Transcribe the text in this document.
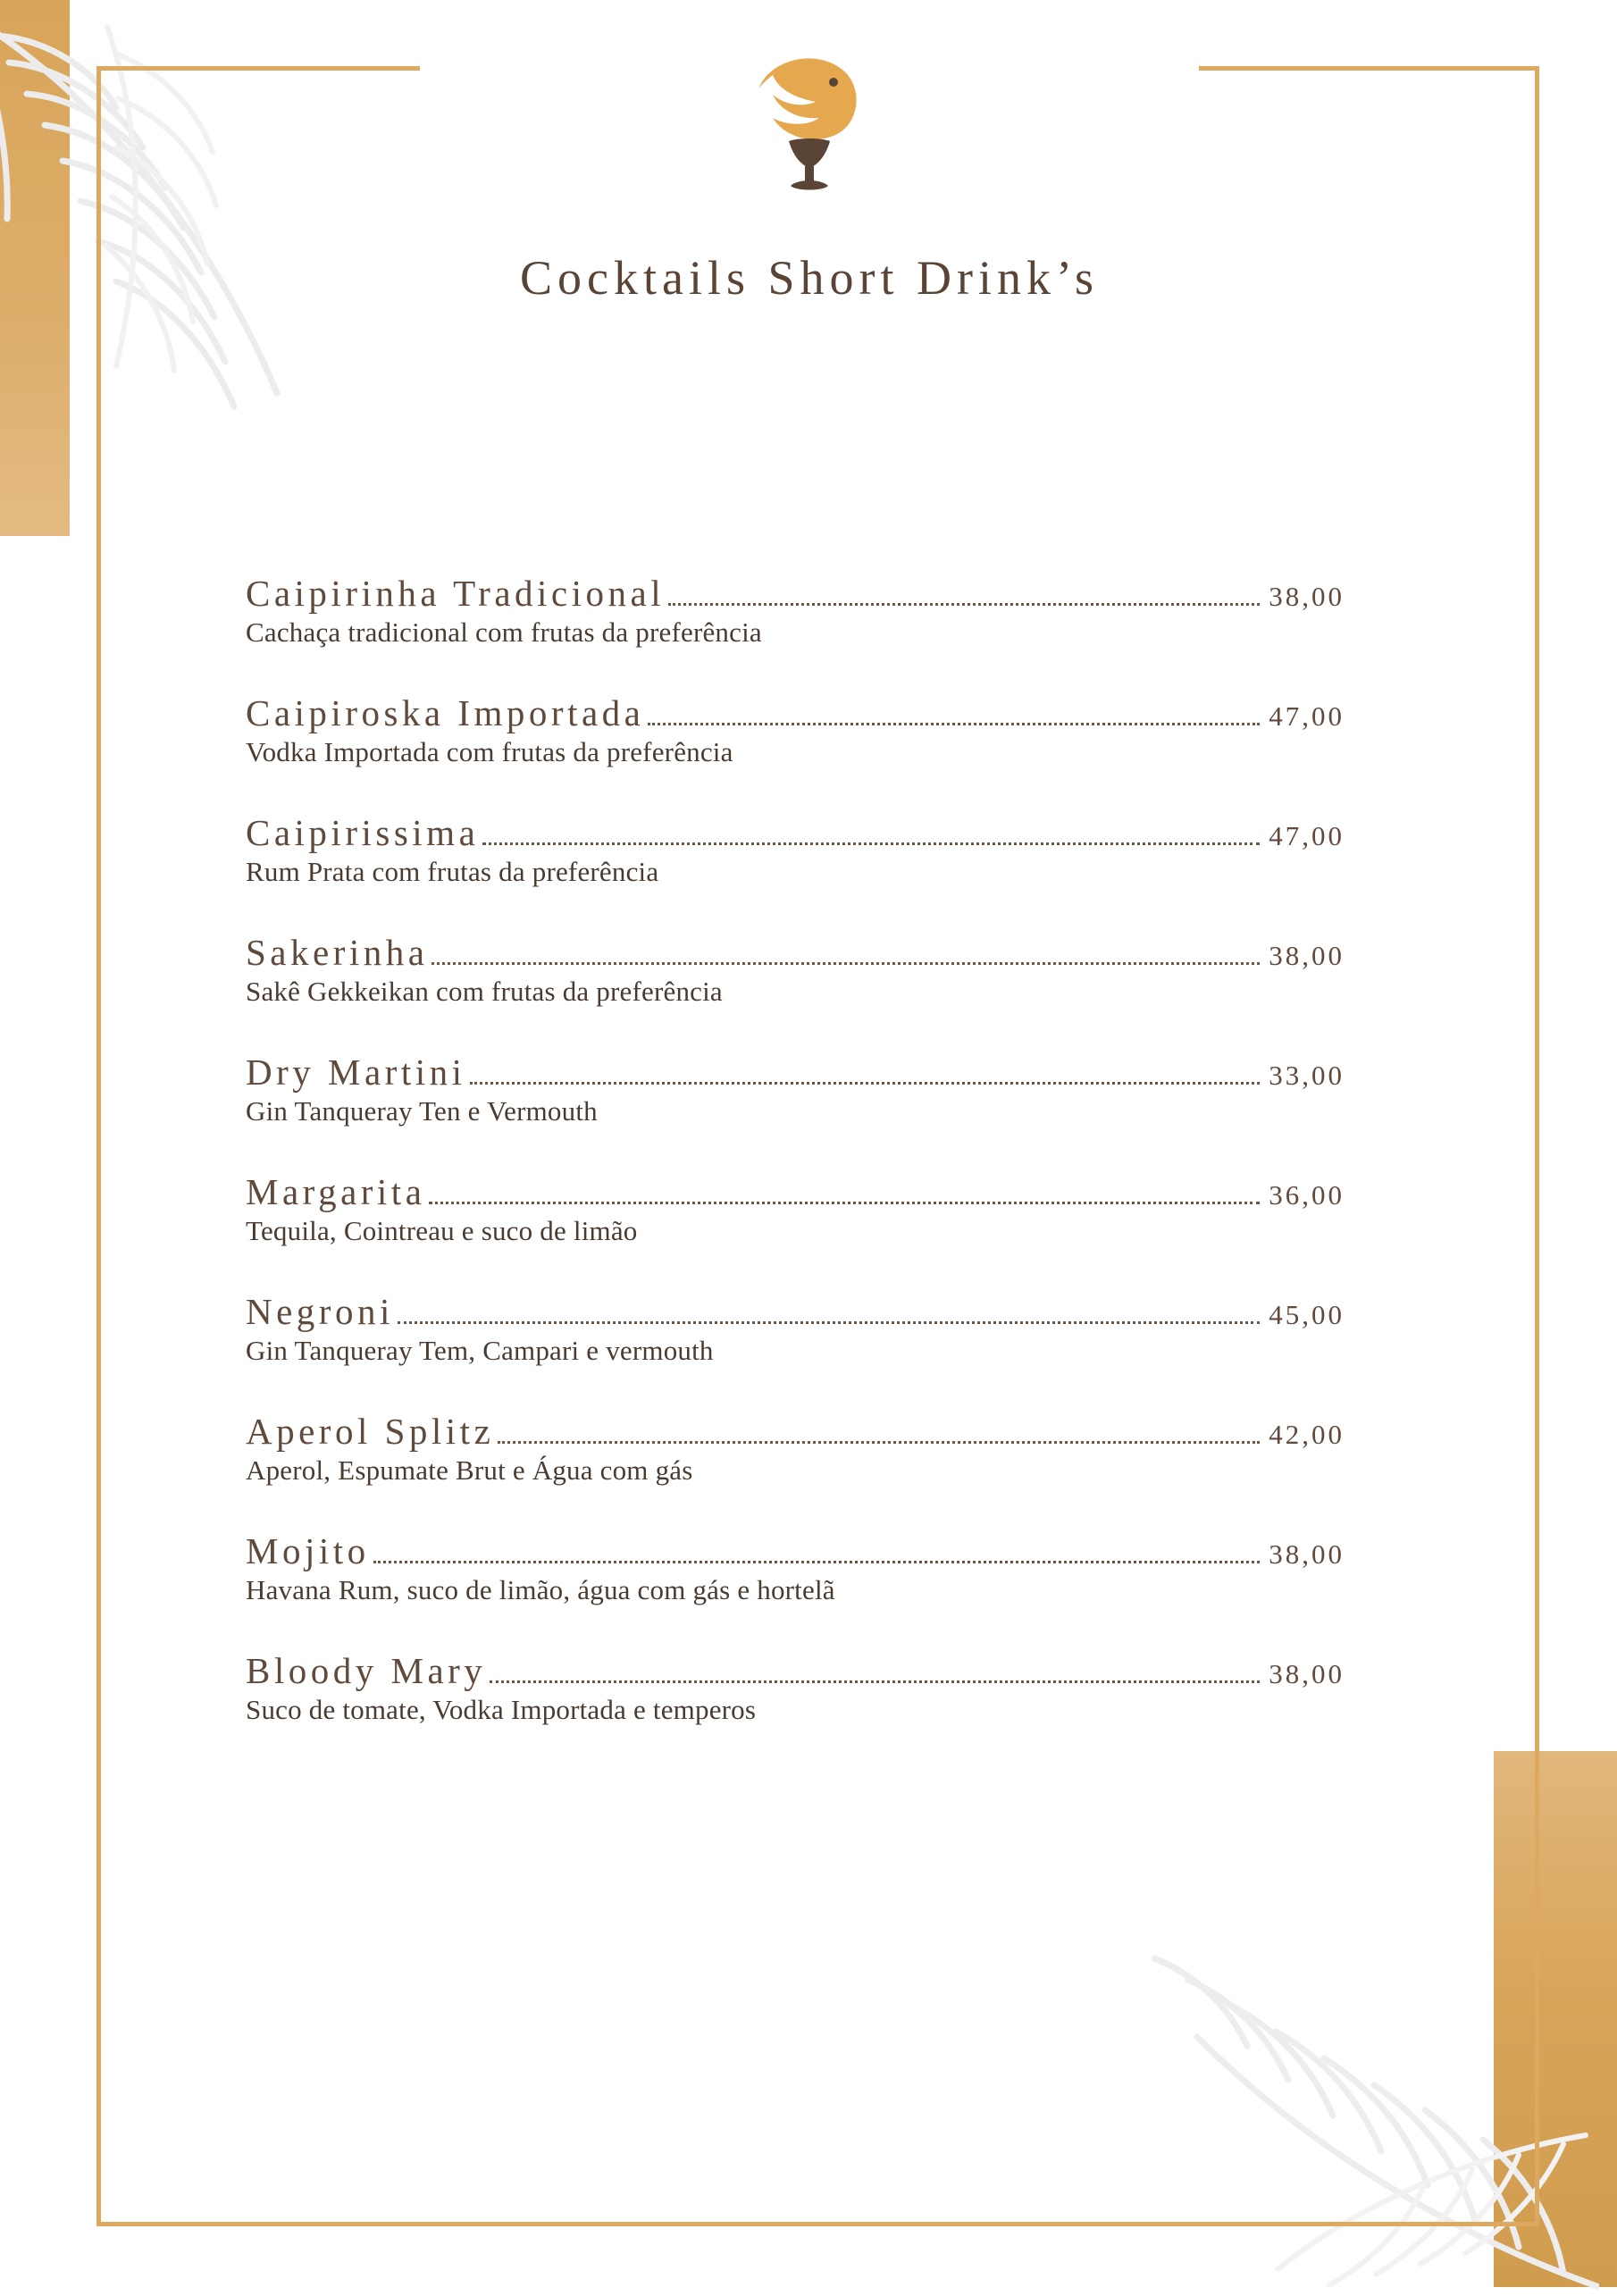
Cocktails Short Drink’s
Caipirinha Tradicional	38,00
Cachaça tradicional com frutas da preferência
Caipiroska Importada	47,00
Vodka Importada com frutas da preferência
Caipirissima	47,00
Rum Prata com frutas da preferência
Sakerinha	38,00
Sakê Gekkeikan com frutas da preferência
Dry Martini	33,00
Gin Tanqueray Ten e Vermouth
Margarita	36,00
Tequila, Cointreau e suco de limão
Negroni	45,00
Gin Tanqueray Tem, Campari e vermouth
Aperol Splitz	42,00
Aperol, Espumate Brut e Água com gás
Mojito	38,00
Havana Rum, suco de limão, água com gás e hortelã
Bloody Mary	38,00
Suco de tomate, Vodka Importada e temperos
